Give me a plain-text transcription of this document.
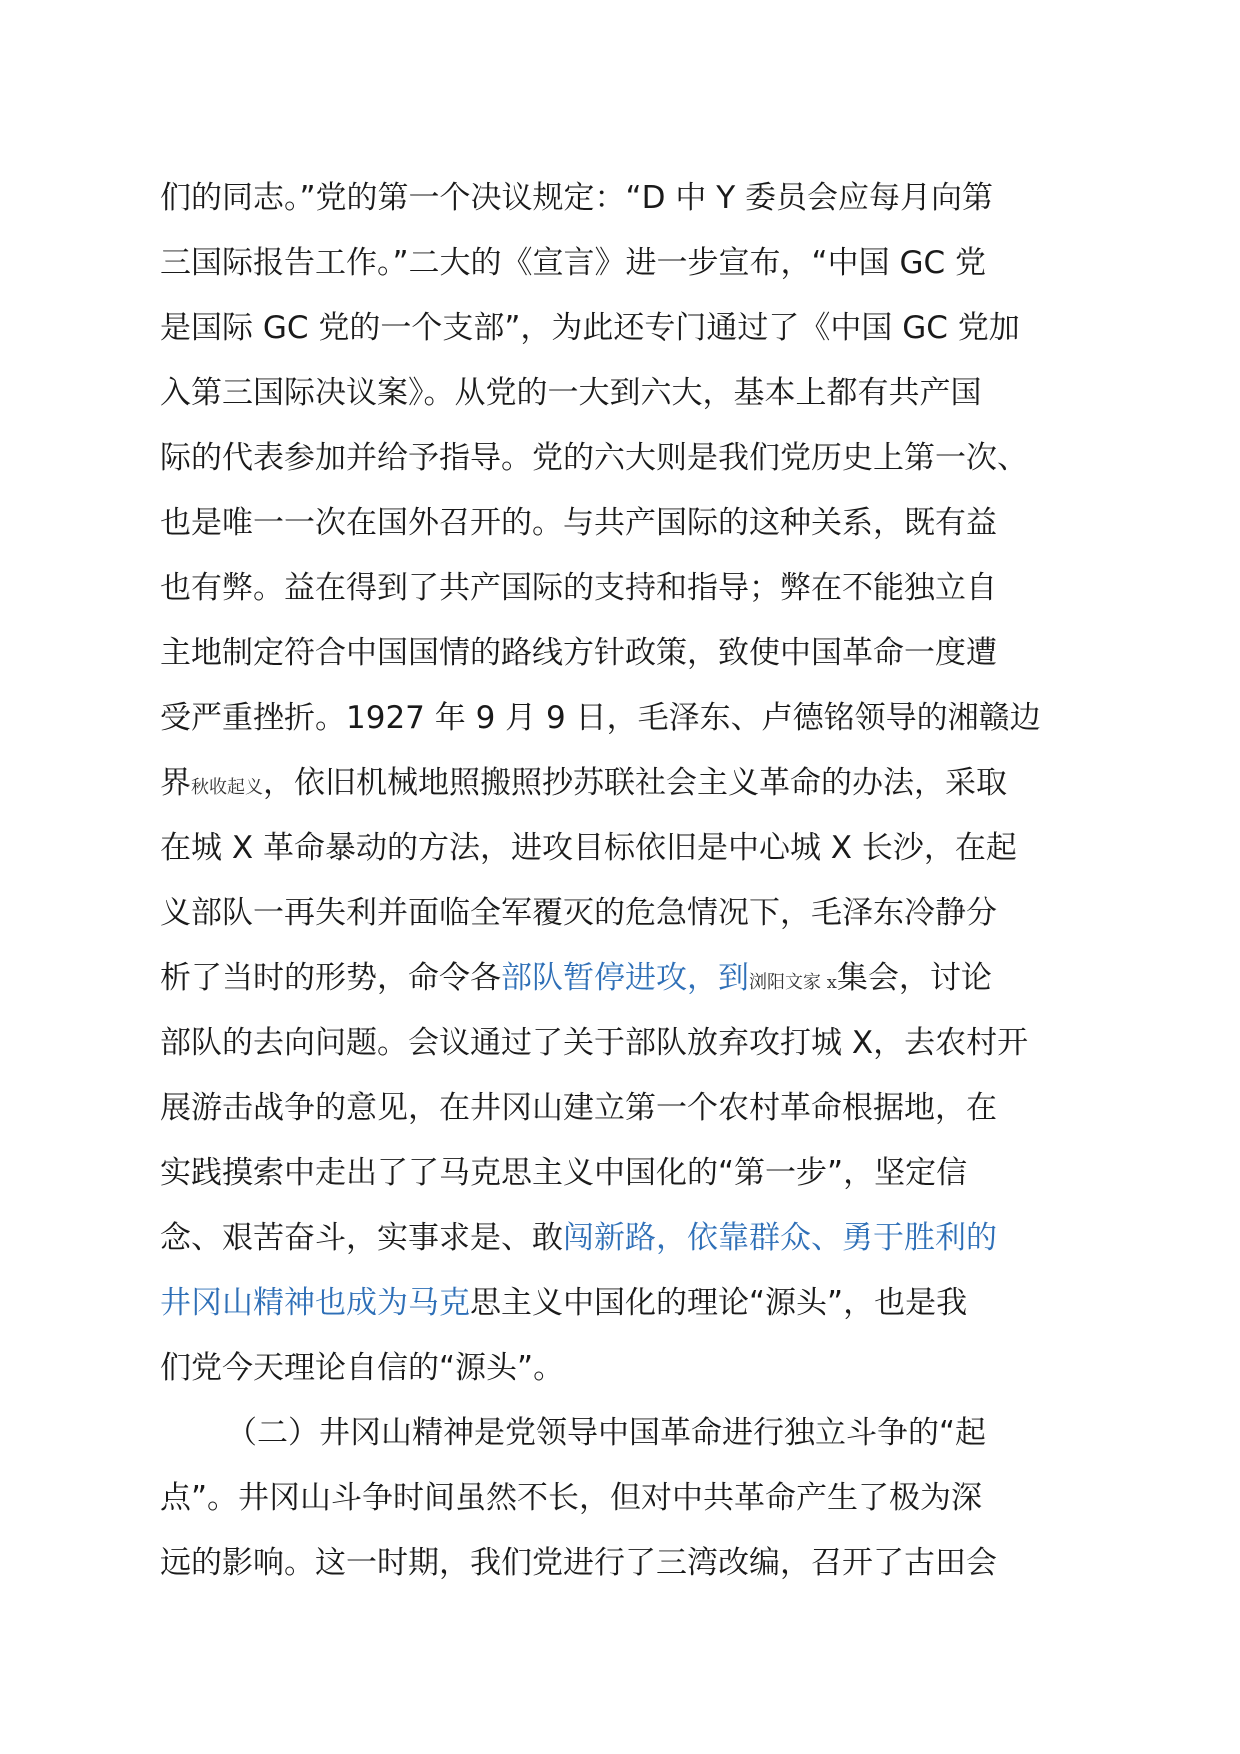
们的同志。”党的第一个决议规定：“D 中 Y 委员会应每月向第
三国际报告工作。”二大的《宣言》进一步宣布，“中国 GC 党
是国际 GC 党的一个支部”，为此还专门通过了《中国 GC 党加
入第三国际决议案》。从党的一大到六大，基本上都有共产国
际的代表参加并给予指导。党的六大则是我们党历史上第一次、
也是唯一一次在国外召开的。与共产国际的这种关系，既有益
也有弊。益在得到了共产国际的支持和指导；弊在不能独立自
主地制定符合中国国情的路线方针政策，致使中国革命一度遭
受严重挫折。1927 年 9 月 9 日，毛泽东、卢德铭领导的湘赣边
界秋收起义，依旧机械地照搬照抄苏联社会主义革命的办法，采取
在城 X 革命暴动的方法，进攻目标依旧是中心城 X 长沙，在起
义部队一再失利并面临全军覆灭的危急情况下，毛泽东冷静分
析了当时的形势，命令各部队暂停进攻，到浏阳文家 x集会，讨论
部队的去向问题。会议通过了关于部队放弃攻打城 X，去农村开
展游击战争的意见，在井冈山建立第一个农村革命根据地，在
实践摸索中走出了了马克思主义中国化的“第一步”，坚定信
念、艰苦奋斗，实事求是、敢闯新路，依靠群众、勇于胜利的
井冈山精神也成为马克思主义中国化的理论“源头”，也是我
们党今天理论自信的“源头”。
（二）井冈山精神是党领导中国革命进行独立斗争的“起
点”。井冈山斗争时间虽然不长，但对中共革命产生了极为深
远的影响。这一时期，我们党进行了三湾改编，召开了古田会
